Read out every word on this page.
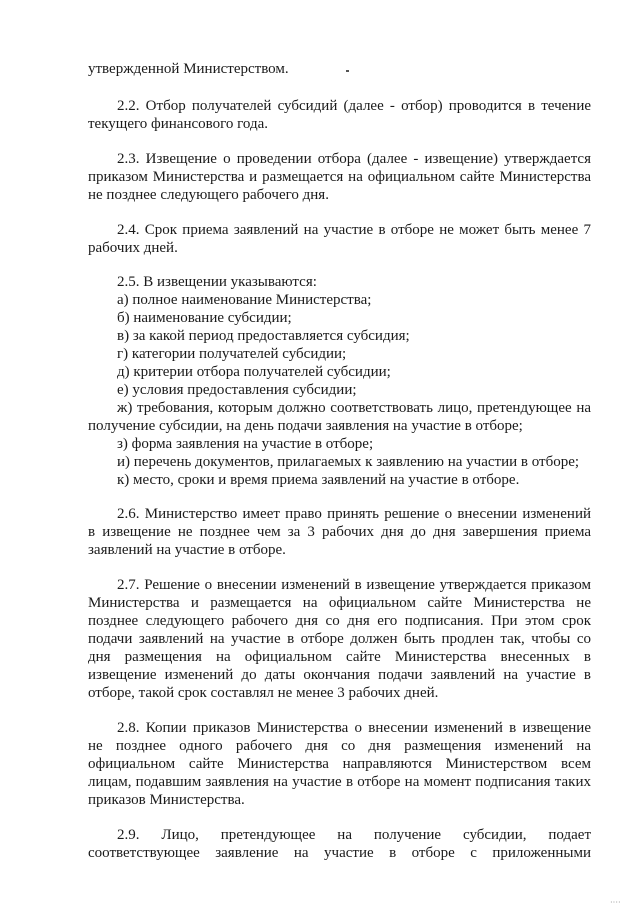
утвержденной Министерством.
2.2. Отбор получателей субсидий (далее - отбор) проводится в течение
текущего финансового года.
2.3. Извещение о проведении отбора (далее - извещение) утверждается
приказом Министерства и размещается на официальном сайте Министерства
не позднее следующего рабочего дня.
2.4. Срок приема заявлений на участие в отборе не может быть менее 7
рабочих дней.
2.5. В извещении указываются:
а) полное наименование Министерства;
б) наименование субсидии;
в) за какой период предоставляется субсидия;
г) категории получателей субсидии;
д) критерии отбора получателей субсидии;
е) условия предоставления субсидии;
ж) требования, которым должно соответствовать лицо, претендующее на
получение субсидии, на день подачи заявления на участие в отборе;
з) форма заявления на участие в отборе;
и) перечень документов, прилагаемых к заявлению на участии в отборе;
к) место, сроки и время приема заявлений на участие в отборе.
2.6. Министерство имеет право принять решение о внесении изменений
в извещение не позднее чем за 3 рабочих дня до дня завершения приема
заявлений на участие в отборе.
2.7. Решение о внесении изменений в извещение утверждается приказом
Министерства и размещается на официальном сайте Министерства не
позднее следующего рабочего дня со дня его подписания. При этом срок
подачи заявлений на участие в отборе должен быть продлен так, чтобы со
дня размещения на официальном сайте Министерства внесенных в
извещение изменений до даты окончания подачи заявлений на участие в
отборе, такой срок составлял не менее 3 рабочих дней.
2.8. Копии приказов Министерства о внесении изменений в извещение
не позднее одного рабочего дня со дня размещения изменений на
официальном сайте Министерства направляются Министерством всем
лицам, подавшим заявления на участие в отборе на момент подписания таких
приказов Министерства.
2.9. Лицо, претендующее на получение субсидии, подает
соответствующее заявление на участие в отборе с приложенными
····
